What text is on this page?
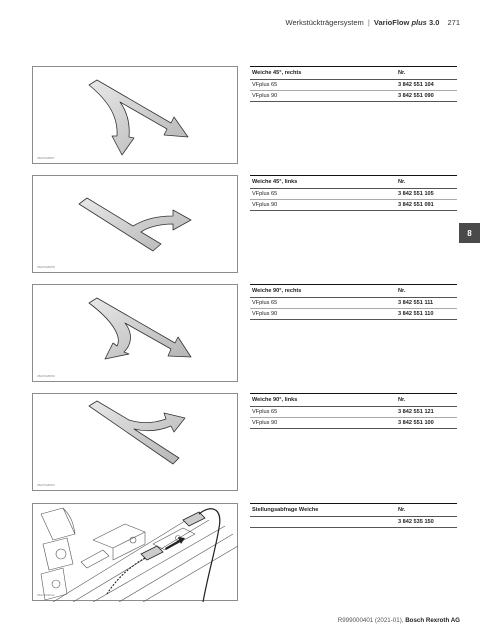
Werkstückträgersystem | VarioFlow plus 3.0 271
8
3842548957
Weiche 45°, rechts	Nr.
VFplus 65	3 842 551 104
VFplus 90	3 842 551 090
3842548958
Weiche 45°, links	Nr.
VFplus 65	3 842 551 105
VFplus 90	3 842 551 091
3842548959
Weiche 90°, rechts	Nr.
VFplus 65	3 842 551 111
VFplus 90	3 842 551 110
3842548960
Weiche 90°, links	Nr.
VFplus 65	3 842 551 121
VFplus 90	3 842 551 100
3842549002
Stellungsabfrage Weiche	Nr.
	3 842 535 150
R999000401 (2021-01), Bosch Rexroth AG
